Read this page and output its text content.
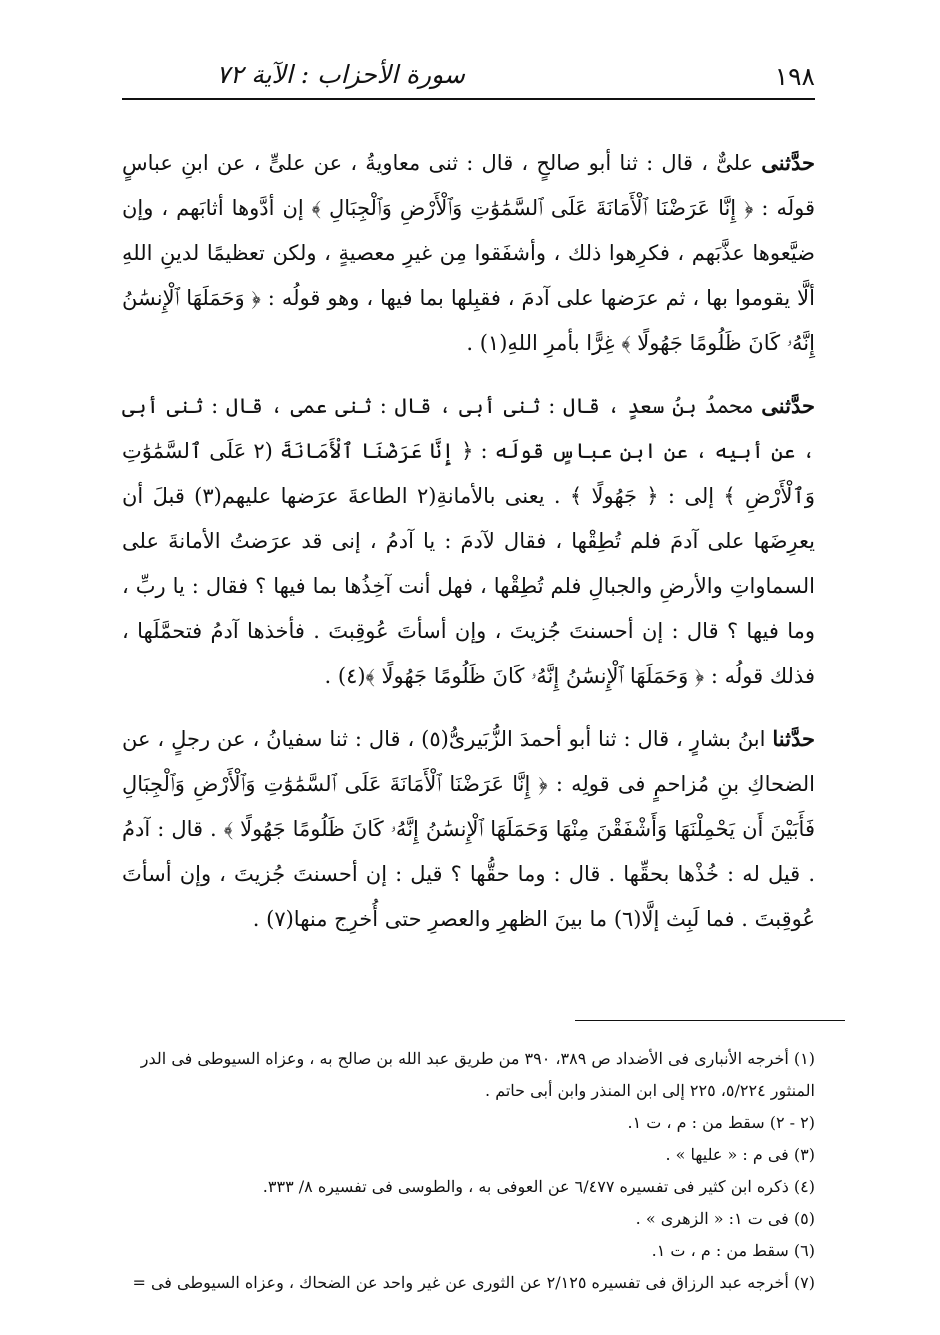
١٩٨
سورة الأحزاب : الآية ٧٢

حدَّثنى علىٌّ ، قال : ثنا أبو صالحٍ ، قال : ثنى معاويةُ ، عن علىٍّ ، عن ابنِ عباسٍ قولَه : ﴿ إِنَّا عَرَضْنَا ٱلْأَمَانَةَ عَلَى ٱلسَّمَٰوَٰتِ وَٱلْأَرْضِ وَٱلْجِبَالِ ﴾ إن أدَّوها أثابَهم ، وإن ضيَّعوها عذَّبَهم ، فكرِهوا ذلك ، وأشفَقوا مِن غيرِ معصيةٍ ، ولكن تعظيمًا لدينِ اللهِ ألَّا يقوموا بها ، ثم عرَضها على آدمَ ، فقبِلها بما فيها ، وهو قولُه : ﴿ وَحَمَلَهَا ٱلْإِنسَٰنُ إِنَّهُۥ كَانَ ظَلُومًا جَهُولًا ﴾ غِرًّا بأمرِ اللهِ(١) .

حدَّثنى محمدُ بنُ سعدٍ ، قال : ثنى أبى ، قال : ثنى عمى ، قال : ثنى أبى ، عن أبيه ، عن ابنِ عباسٍ قولَه : ﴿ إِنَّا عَرَضْنَا ٱلْأَمَانَةَ (٢ عَلَى ٱلسَّمَٰوَٰتِ وَٱلْأَرْضِ ﴾ إلى : ﴿ جَهُولًا ﴾ . يعنى بالأمانةِ(٢ الطاعةَ عرَضها عليهم(٣) قبلَ أن يعرِضَها على آدمَ فلم تُطِقْها ، فقال لآدمَ : يا آدمُ ، إنى قد عرَضتُ الأمانةَ على السماواتِ والأرضِ والجبالِ فلم تُطِقْها ، فهل أنت آخِذُها بما فيها ؟ فقال : يا ربِّ ، وما فيها ؟ قال : إن أحسنتَ جُزيتَ ، وإن أسأتَ عُوقِبتَ . فأخذها آدمُ فتحمَّلَها ، فذلك قولُه : ﴿ وَحَمَلَهَا ٱلْإِنسَٰنُ إِنَّهُۥ كَانَ ظَلُومًا جَهُولًا ﴾(٤) .

حدَّثنا ابنُ بشارٍ ، قال : ثنا أبو أحمدَ الزُّبَيرىُّ(٥) ، قال : ثنا سفيانُ ، عن رجلٍ ، عن الضحاكِ بنِ مُزاحمٍ فى قولِه : ﴿ إِنَّا عَرَضْنَا ٱلْأَمَانَةَ عَلَى ٱلسَّمَٰوَٰتِ وَٱلْأَرْضِ وَٱلْجِبَالِ فَأَبَيْنَ أَن يَحْمِلْنَهَا وَأَشْفَقْنَ مِنْهَا وَحَمَلَهَا ٱلْإِنسَٰنُ إِنَّهُۥ كَانَ ظَلُومًا جَهُولًا ﴾ . قال : آدمُ . قيل له : خُذْها بحقِّها . قال : وما حقُّها ؟ قيل : إن أحسنتَ جُزيتَ ، وإن أسأتَ عُوقِبتَ . فما لَبِث إلَّا(٦) ما بينَ الظهرِ والعصرِ حتى أُخرِج منها(٧) .

(١) أخرجه الأنبارى فى الأضداد ص ٣٨٩، ٣٩٠ من طريق عبد الله بن صالح به ، وعزاه السيوطى فى الدر المنثور ٥/٢٢٤، ٢٢٥ إلى ابن المنذر وابن أبى حاتم .

(٢ - ٢) سقط من : م ، ت ١.

(٣) فى م : « عليها » .

(٤) ذكره ابن كثير فى تفسيره ٦/٤٧٧ عن العوفى به ، والطوسى فى تفسيره ٨/ ٣٣٣.

(٥) فى ت ١: « الزهرى » .

(٦) سقط من : م ، ت ١.

(٧) أخرجه عبد الرزاق فى تفسيره ٢/١٢٥ عن الثورى عن غير واحد عن الضحاك ، وعزاه السيوطى فى =
